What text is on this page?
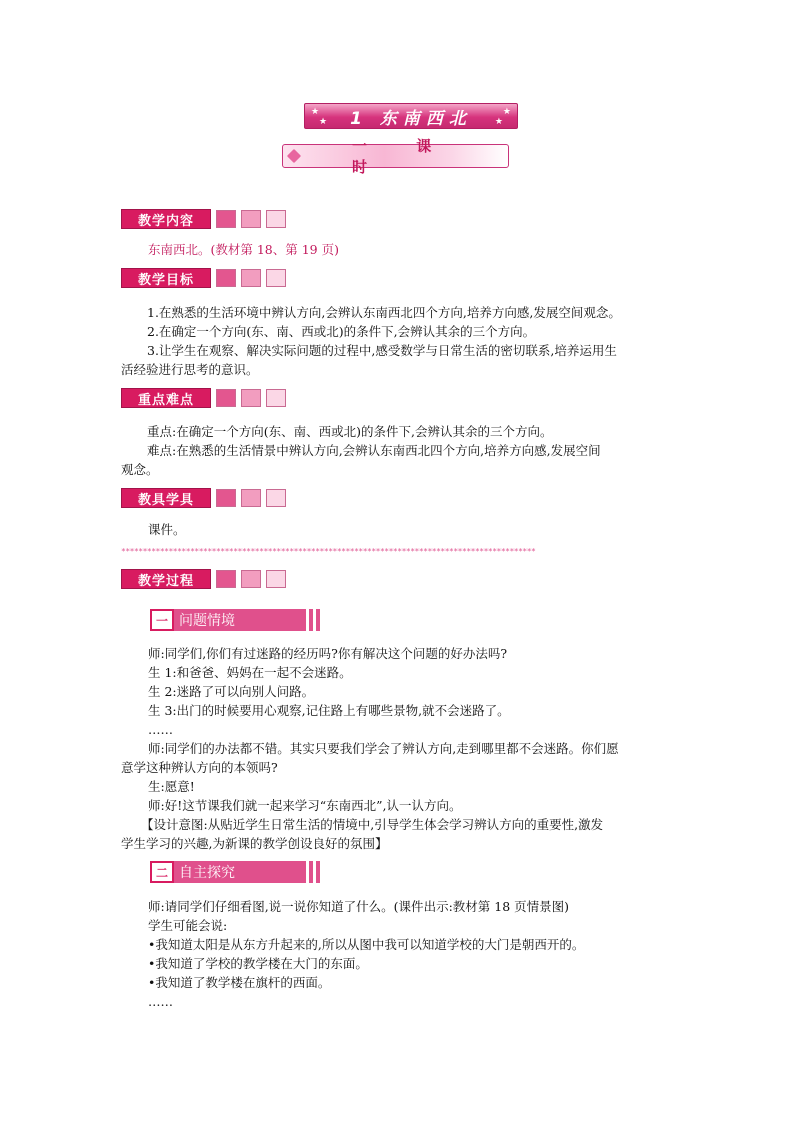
★
★ 1 东南西北	★
★
一 课 时
教学内容
东南西北。(教材第 18、第 19 页)
教学目标
1.在熟悉的生活环境中辨认方向,会辨认东南西北四个方向,培养方向感,发展空间观念。
2.在确定一个方向(东、南、西或北)的条件下,会辨认其余的三个方向。
3.让学生在观察、解决实际问题的过程中,感受数学与日常生活的密切联系,培养运用生
活经验进行思考的意识。
重点难点
重点:在确定一个方向(东、南、西或北)的条件下,会辨认其余的三个方向。
难点:在熟悉的生活情景中辨认方向,会辨认东南西北四个方向,培养方向感,发展空间
观念。
教具学具
课件。
************************************************************************************************
教学过程
一 问题情境
师:同学们,你们有过迷路的经历吗?你有解决这个问题的好办法吗?
生 1:和爸爸、妈妈在一起不会迷路。
生 2:迷路了可以向别人问路。
生 3:出门的时候要用心观察,记住路上有哪些景物,就不会迷路了。
……
师:同学们的办法都不错。其实只要我们学会了辨认方向,走到哪里都不会迷路。你们愿
意学这种辨认方向的本领吗?
生:愿意!
师:好!这节课我们就一起来学习“东南西北”,认一认方向。
【设计意图:从贴近学生日常生活的情境中,引导学生体会学习辨认方向的重要性,激发
学生学习的兴趣,为新课的教学创设良好的氛围】
二 自主探究
师:请同学们仔细看图,说一说你知道了什么。(课件出示:教材第 18 页情景图)
学生可能会说:
•我知道太阳是从东方升起来的,所以从图中我可以知道学校的大门是朝西开的。
•我知道了学校的教学楼在大门的东面。
•我知道了教学楼在旗杆的西面。
……
